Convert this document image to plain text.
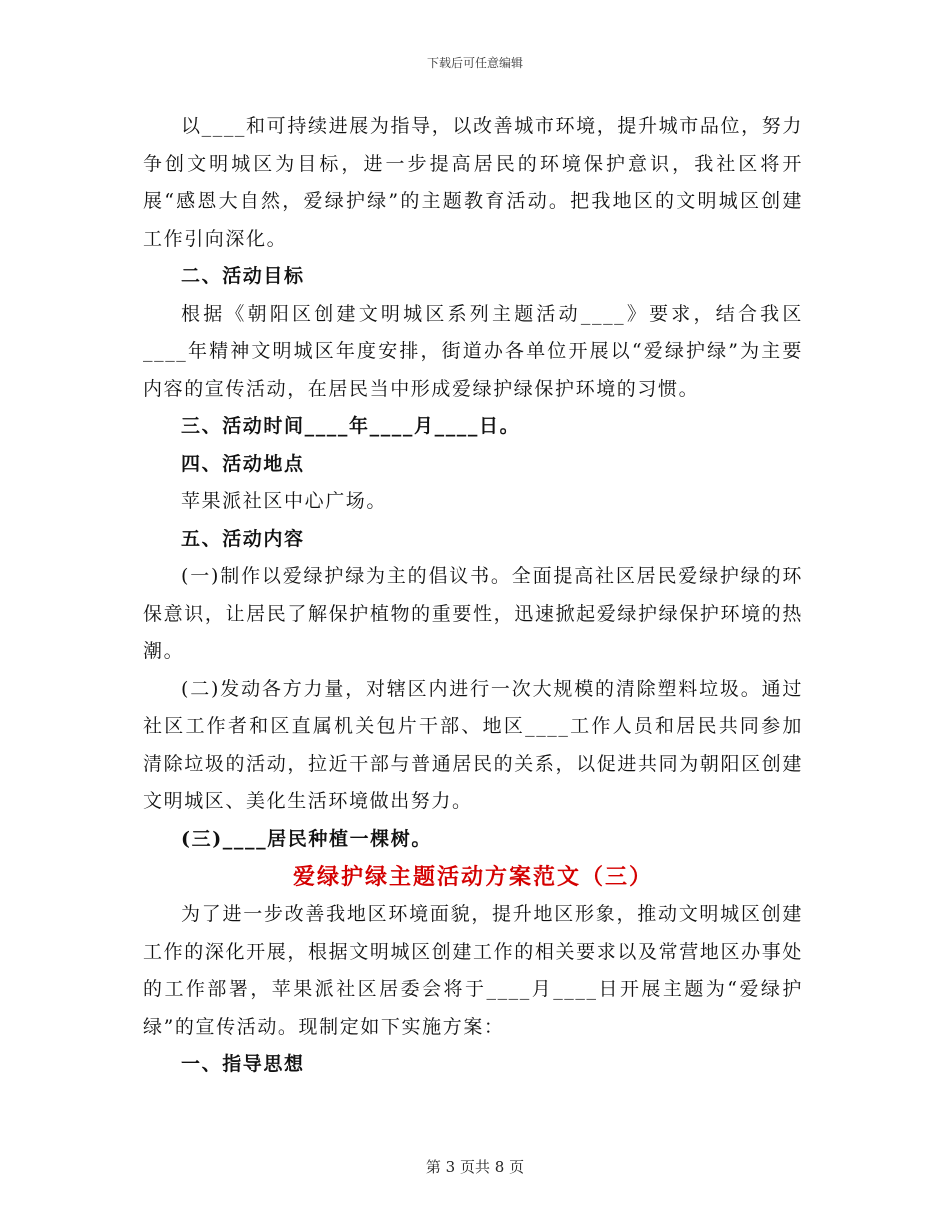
下载后可任意编辑

以____和可持续进展为指导，以改善城市环境，提升城市品位，努力争创文明城区为目标，进一步提高居民的环境保护意识，我社区将开展“感恩大自然，爱绿护绿”的主题教育活动。把我地区的文明城区创建工作引向深化。

二、活动目标

根据《朝阳区创建文明城区系列主题活动____》要求，结合我区____年精神文明城区年度安排，街道办各单位开展以“爱绿护绿”为主要内容的宣传活动，在居民当中形成爱绿护绿保护环境的习惯。

三、活动时间____年____月____日。

四、活动地点

苹果派社区中心广场。

五、活动内容

(一)制作以爱绿护绿为主的倡议书。全面提高社区居民爱绿护绿的环保意识，让居民了解保护植物的重要性，迅速掀起爱绿护绿保护环境的热潮。

(二)发动各方力量，对辖区内进行一次大规模的清除塑料垃圾。通过社区工作者和区直属机关包片干部、地区____工作人员和居民共同参加清除垃圾的活动，拉近干部与普通居民的关系，以促进共同为朝阳区创建文明城区、美化生活环境做出努力。

(三)____居民种植一棵树。

爱绿护绿主题活动方案范文（三）

为了进一步改善我地区环境面貌，提升地区形象，推动文明城区创建工作的深化开展，根据文明城区创建工作的相关要求以及常营地区办事处的工作部署，苹果派社区居委会将于____月____日开展主题为“爱绿护绿”的宣传活动。现制定如下实施方案：

一、指导思想

第 3 页共 8 页
